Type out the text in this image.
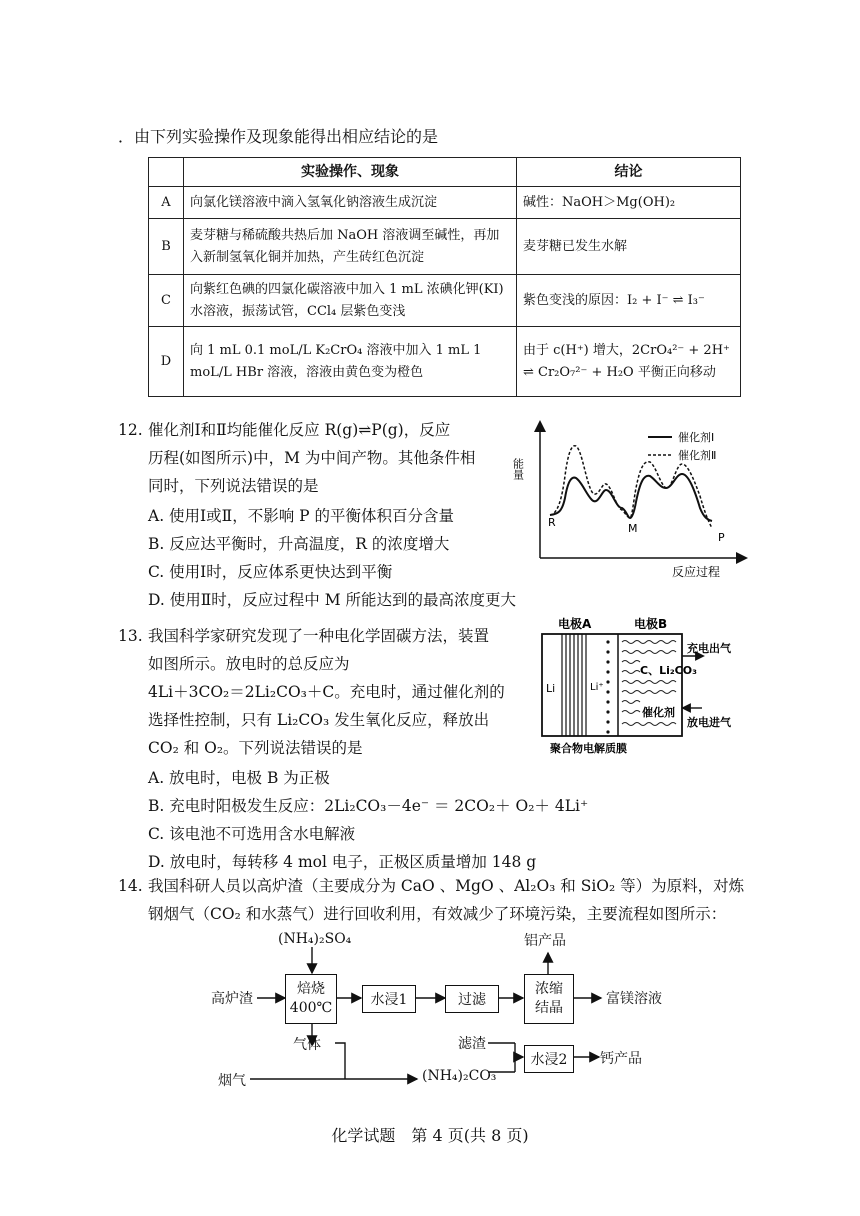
．由下列实验操作及现象能得出相应结论的是
	实验操作、现象	结论
A	向氯化镁溶液中滴入氢氧化钠溶液生成沉淀	碱性：NaOH＞Mg(OH)₂
B	麦芽糖与稀硫酸共热后加 NaOH 溶液调至碱性，再加入新制氢氧化铜并加热，产生砖红色沉淀	麦芽糖已发生水解
C	向紫红色碘的四氯化碳溶液中加入 1 mL 浓碘化钾(KI)水溶液，振荡试管，CCl₄ 层紫色变浅	紫色变浅的原因：I₂ + I⁻ ⇌ I₃⁻
D	向 1 mL 0.1 moL/L K₂CrO₄ 溶液中加入 1 mL 1 moL/L HBr 溶液，溶液由黄色变为橙色	由于 c(H⁺) 增大，2CrO₄²⁻ + 2H⁺ ⇌ Cr₂O₇²⁻ + H₂O 平衡正向移动
12. 催化剂Ⅰ和Ⅱ均能催化反应 R(g)⇌P(g)，反应
历程(如图所示)中，M 为中间产物。其他条件相
同时，下列说法错误的是
A. 使用Ⅰ或Ⅱ，不影响 P 的平衡体积百分含量
B. 反应达平衡时，升高温度，R 的浓度增大
C. 使用Ⅰ时，反应体系更快达到平衡
D. 使用Ⅱ时，反应过程中 M 所能达到的最高浓度更大
能量
反应过程
R	M
P
催化剂Ⅰ
催化剂Ⅱ
13. 我国科学家研究发现了一种电化学固碳方法，装置
如图所示。放电时的总反应为
4Li＋3CO₂＝2Li₂CO₃＋C。充电时，通过催化剂的
选择性控制，只有 Li₂CO₃ 发生氧化反应，释放出
CO₂ 和 O₂。下列说法错误的是
A. 放电时，电极 B 为正极
B. 充电时阳极发生反应：2Li₂CO₃－4e⁻ ＝ 2CO₂＋ O₂＋ 4Li⁺
C. 该电池不可选用含水电解液
D. 放电时，每转移 4 mol 电子，正极区质量增加 148 g
电极A	电极B
Li	Li⁺
C、Li₂CO₃
催化剂
充电出气
放电进气
聚合物电解质膜
14. 我国科研人员以高炉渣（主要成分为 CaO 、MgO 、Al₂O₃ 和 SiO₂ 等）为原料，对炼
钢烟气（CO₂ 和水蒸气）进行回收利用，有效减少了环境污染，主要流程如图所示：
(NH₄)₂SO₄
高炉渣
焙烧
400℃	水浸1	过滤
浓缩
结晶
铝产品
富镁溶液
气体
烟气	(NH₄)₂CO₃
滤渣
水浸2	钙产品
化学试题　第 4 页(共 8 页)
